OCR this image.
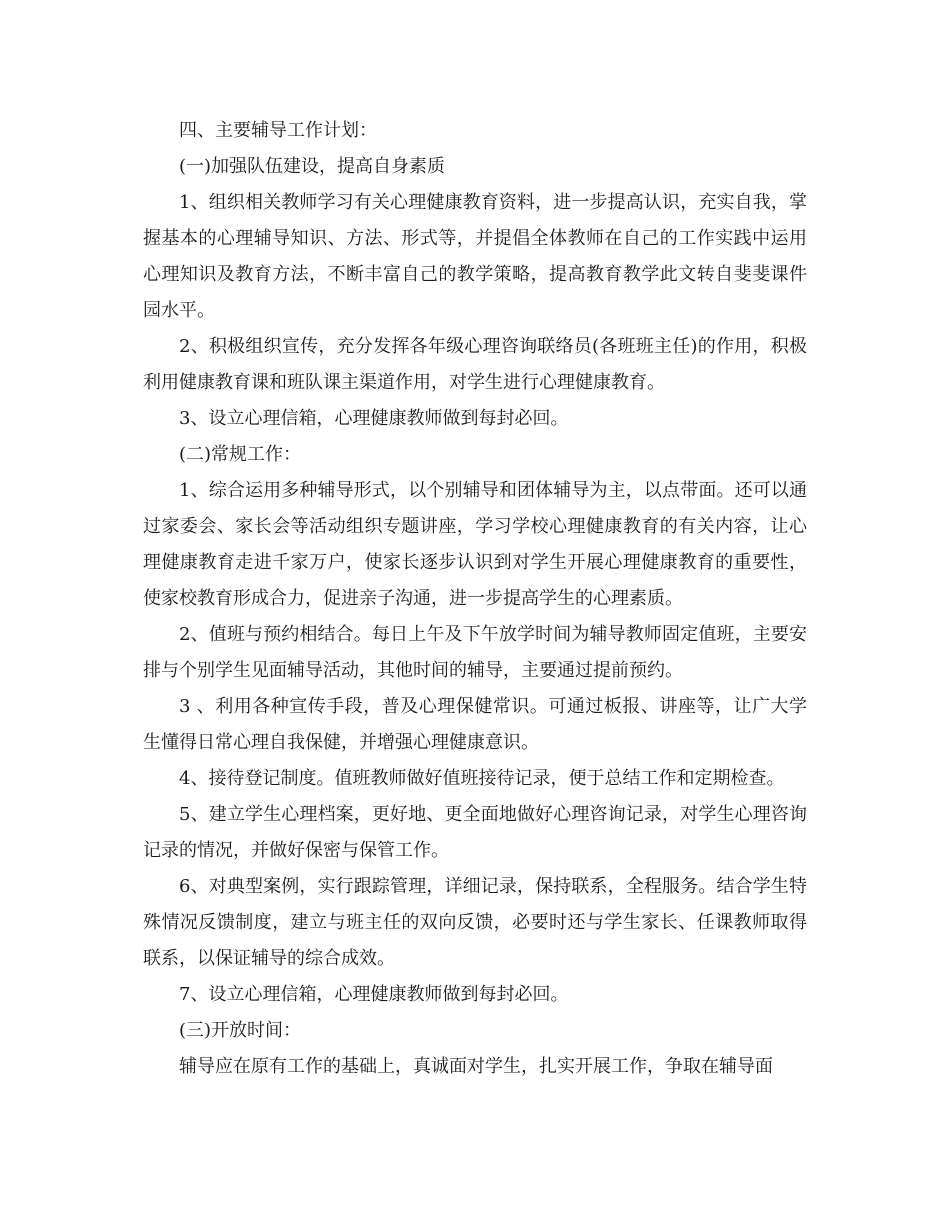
四、主要辅导工作计划：

(一)加强队伍建设，提高自身素质

1、组织相关教师学习有关心理健康教育资料，进一步提高认识，充实自我，掌握基本的心理辅导知识、方法、形式等，并提倡全体教师在自己的工作实践中运用心理知识及教育方法，不断丰富自己的教学策略，提高教育教学此文转自斐斐课件园水平。

2、积极组织宣传，充分发挥各年级心理咨询联络员(各班班主任)的作用，积极利用健康教育课和班队课主渠道作用，对学生进行心理健康教育。

3、设立心理信箱，心理健康教师做到每封必回。

(二)常规工作：

1、综合运用多种辅导形式，以个别辅导和团体辅导为主，以点带面。还可以通过家委会、家长会等活动组织专题讲座，学习学校心理健康教育的有关内容，让心理健康教育走进千家万户，使家长逐步认识到对学生开展心理健康教育的重要性，使家校教育形成合力，促进亲子沟通，进一步提高学生的心理素质。

2、值班与预约相结合。每日上午及下午放学时间为辅导教师固定值班，主要安排与个别学生见面辅导活动，其他时间的辅导，主要通过提前预约。

3 、利用各种宣传手段，普及心理保健常识。可通过板报、讲座等，让广大学生懂得日常心理自我保健，并增强心理健康意识。

4、接待登记制度。值班教师做好值班接待记录，便于总结工作和定期检查。

5、建立学生心理档案，更好地、更全面地做好心理咨询记录，对学生心理咨询记录的情况，并做好保密与保管工作。

6、对典型案例，实行跟踪管理，详细记录，保持联系，全程服务。结合学生特殊情况反馈制度，建立与班主任的双向反馈，必要时还与学生家长、任课教师取得联系，以保证辅导的综合成效。

7、设立心理信箱，心理健康教师做到每封必回。

(三)开放时间：

辅导应在原有工作的基础上，真诚面对学生，扎实开展工作，争取在辅导面
